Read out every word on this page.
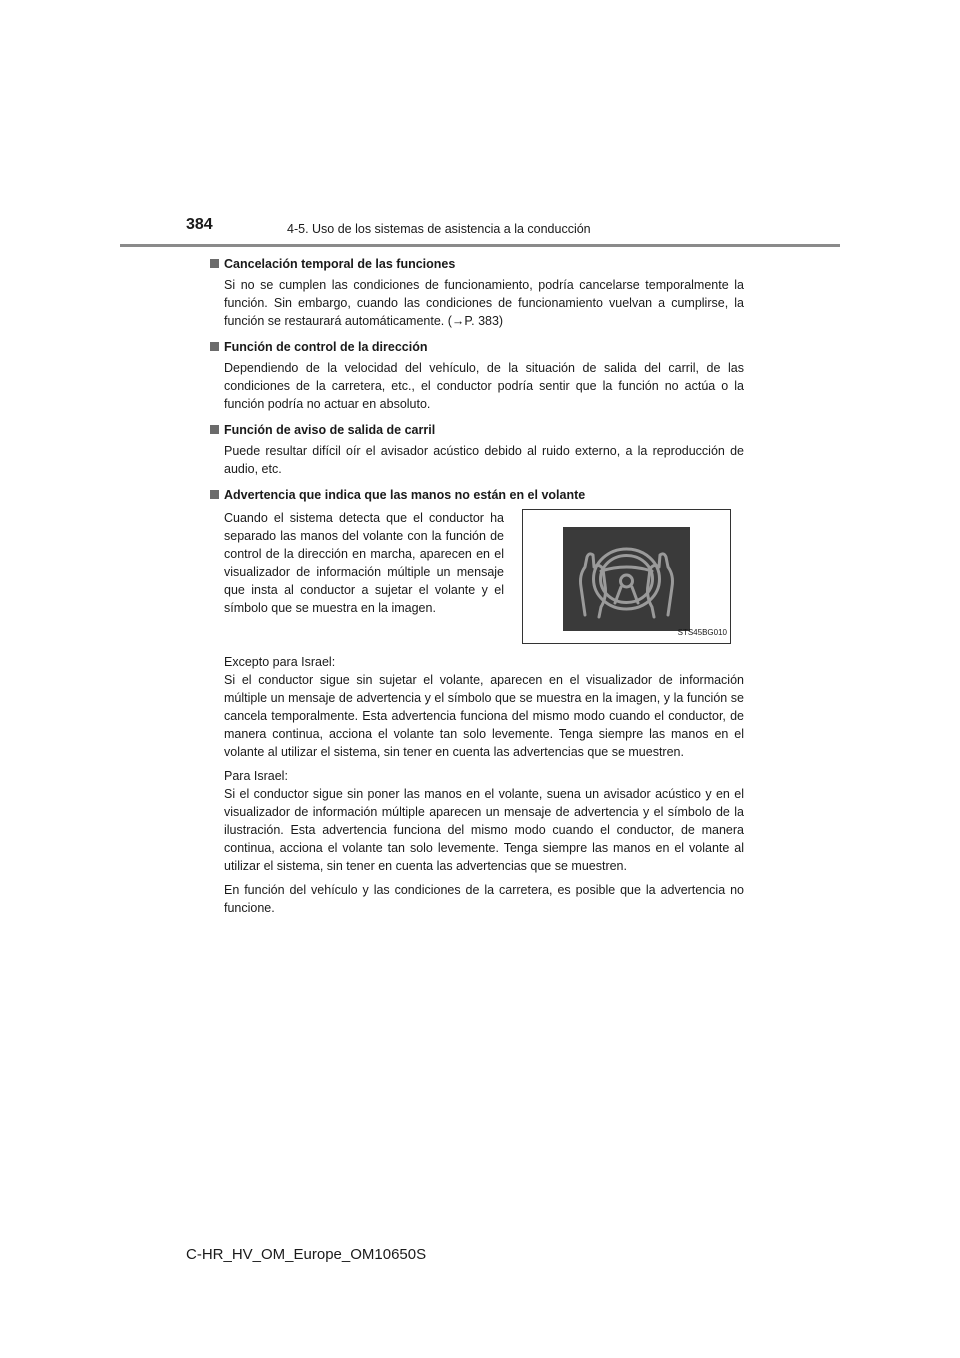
384	4-5. Uso de los sistemas de asistencia a la conducción

Cancelación temporal de las funciones

Si no se cumplen las condiciones de funcionamiento, podría cancelarse temporalmente la función. Sin embargo, cuando las condiciones de funcionamiento vuelvan a cumplirse, la función se restaurará automáticamente. (→P. 383)

Función de control de la dirección

Dependiendo de la velocidad del vehículo, de la situación de salida del carril, de las condiciones de la carretera, etc., el conductor podría sentir que la función no actúa o la función podría no actuar en absoluto.

Función de aviso de salida de carril

Puede resultar difícil oír el avisador acústico debido al ruido externo, a la reproducción de audio, etc.

Advertencia que indica que las manos no están en el volante

Cuando el sistema detecta que el conductor ha separado las manos del volante con la función de control de la dirección en marcha, aparecen en el visualizador de información múltiple un mensaje que insta al conductor a sujetar el volante y el símbolo que se muestra en la imagen.

STS45BG010

Excepto para Israel:
Si el conductor sigue sin sujetar el volante, aparecen en el visualizador de información múltiple un mensaje de advertencia y el símbolo que se muestra en la imagen, y la función se cancela temporalmente. Esta advertencia funciona del mismo modo cuando el conductor, de manera continua, acciona el volante tan solo levemente. Tenga siempre las manos en el volante al utilizar el sistema, sin tener en cuenta las advertencias que se muestren.

Para Israel:
Si el conductor sigue sin poner las manos en el volante, suena un avisador acústico y en el visualizador de información múltiple aparecen un mensaje de advertencia y el símbolo de la ilustración. Esta advertencia funciona del mismo modo cuando el conductor, de manera continua, acciona el volante tan solo levemente. Tenga siempre las manos en el volante al utilizar el sistema, sin tener en cuenta las advertencias que se muestren.

En función del vehículo y las condiciones de la carretera, es posible que la advertencia no funcione.

C-HR_HV_OM_Europe_OM10650S
